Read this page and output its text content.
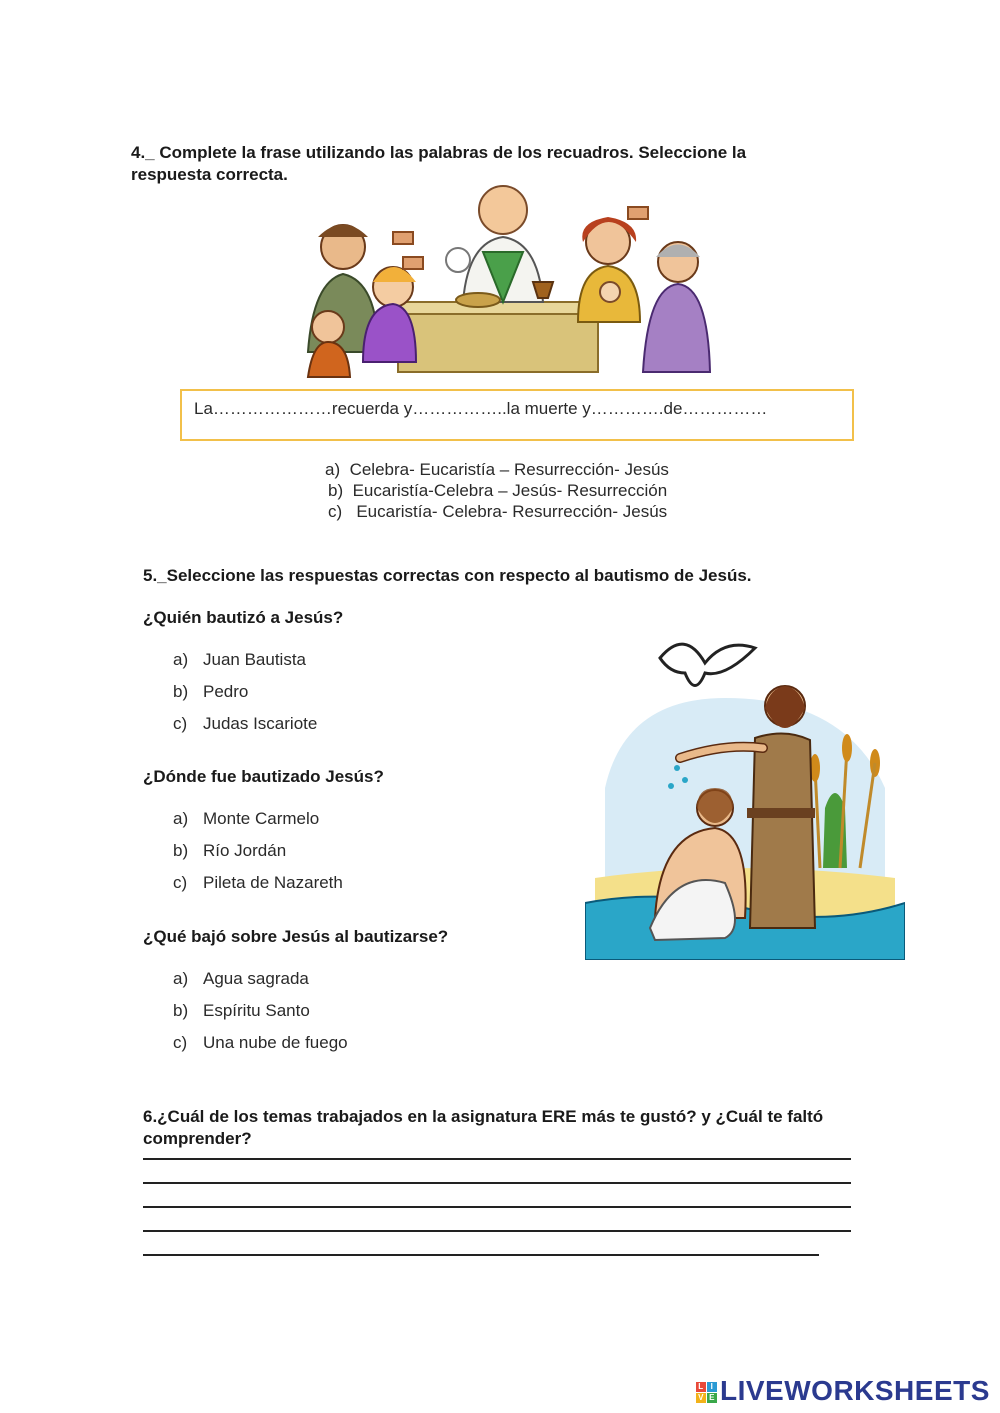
4._ Complete la frase utilizando las palabras de los recuadros. Seleccione la respuesta correcta.
La…………………recuerda y……………..la muerte y………….de……………
a) Celebra- Eucaristía – Resurrección- Jesús
b) Eucaristía-Celebra – Jesús- Resurrección
c) Eucaristía- Celebra- Resurrección- Jesús
5._Seleccione las respuestas correctas con respecto al bautismo de Jesús.
¿Quién bautizó a Jesús?
a) Juan Bautista
b) Pedro
c) Judas Iscariote
¿Dónde fue bautizado Jesús?
a) Monte Carmelo
b) Río Jordán
c) Pileta de Nazareth
¿Qué bajó sobre Jesús al bautizarse?
a) Agua sagrada
b) Espíritu Santo
c) Una nube de fuego
6.¿Cuál de los temas trabajados en la asignatura ERE más te gustó? y ¿Cuál te faltó comprender?
L I
V E LIVEWORKSHEETS
